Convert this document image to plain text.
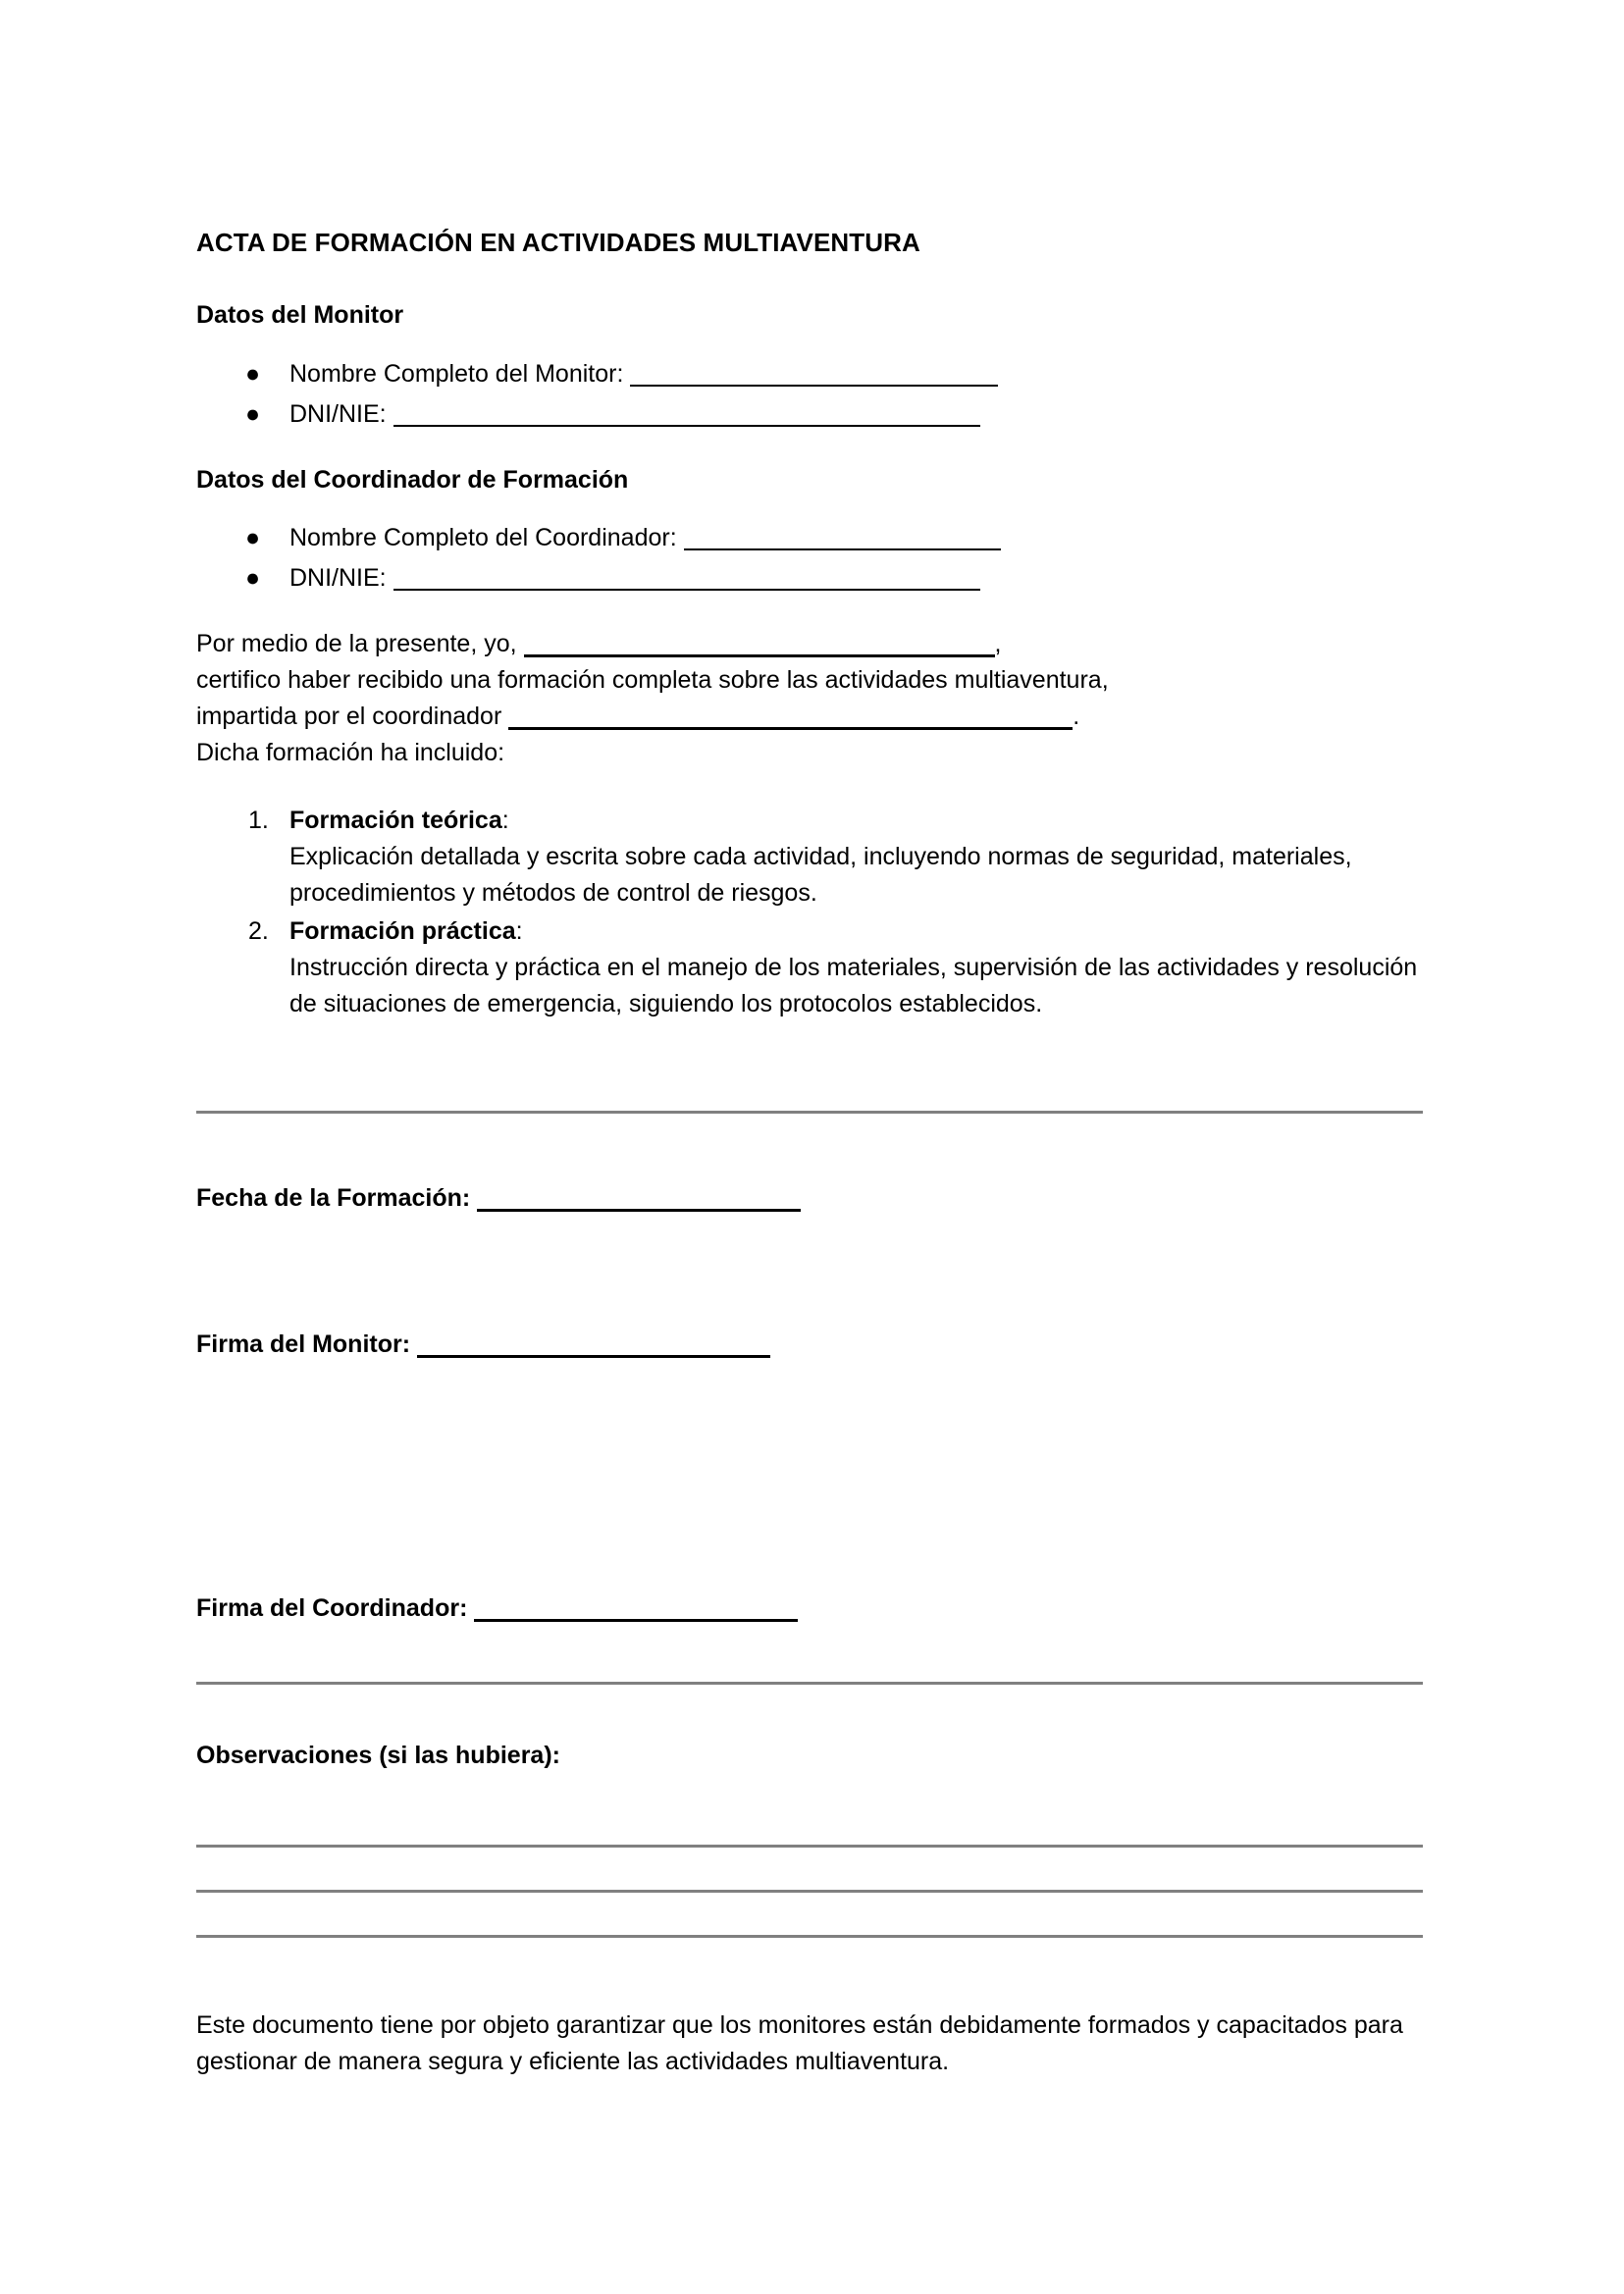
ACTA DE FORMACIÓN EN ACTIVIDADES MULTIAVENTURA
Datos del Monitor
● Nombre Completo del Monitor:
● DNI/NIE:
Datos del Coordinador de Formación
● Nombre Completo del Coordinador:
● DNI/NIE:

Por medio de la presente, yo,	,
certifico haber recibido una formación completa sobre las actividades multiaventura,
impartida por el coordinador	.
Dicha formación ha incluido:

1. Formación teórica:
Explicación detallada y escrita sobre cada actividad, incluyendo normas de seguridad, materiales, procedimientos y métodos de control de riesgos.
2. Formación práctica:
Instrucción directa y práctica en el manejo de los materiales, supervisión de las actividades y resolución de situaciones de emergencia, siguiendo los protocolos establecidos.

Fecha de la Formación:

Firma del Monitor:

Firma del Coordinador:

Observaciones (si las hubiera):

Este documento tiene por objeto garantizar que los monitores están debidamente formados y capacitados para gestionar de manera segura y eficiente las actividades multiaventura.
